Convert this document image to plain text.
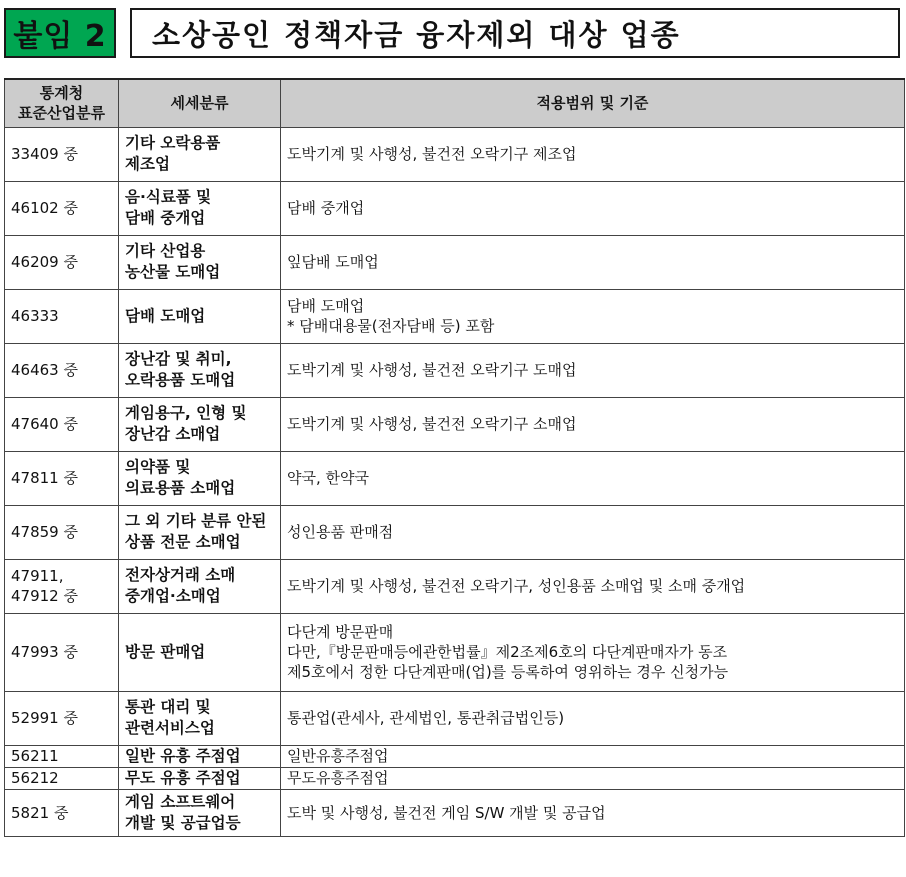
붙임 2	소상공인 정책자금 융자제외 대상 업종
통계청
표준산업분류	세세분류	적용범위 및 기준

33409 중	기타 오락용품
제조업	도박기계 및 사행성, 불건전 오락기구 제조업

46102 중	음·식료품 및
담배 중개업	담배 중개업

46209 중	기타 산업용
농산물 도매업	잎담배 도매업

46333	담배 도매업	담배 도매업
* 담배대용물(전자담배 등) 포함

46463 중	장난감 및 취미,
오락용품 도매업	도박기계 및 사행성, 불건전 오락기구 도매업

47640 중	게임용구, 인형 및
장난감 소매업	도박기계 및 사행성, 불건전 오락기구 소매업

47811 중	의약품 및
의료용품 소매업	약국, 한약국

47859 중	그 외 기타 분류 안된
상품 전문 소매업	성인용품 판매점

47911,
47912 중	전자상거래 소매
중개업·소매업	도박기계 및 사행성, 불건전 오락기구, 성인용품 소매업 및 소매 중개업

47993 중	방문 판매업	다단계 방문판매
다만,『방문판매등에관한법률』제2조제6호의 다단계판매자가 동조
제5호에서 정한 다단계판매(업)를 등록하여 영위하는 경우 신청가능

52991 중	통관 대리 및
관련서비스업	통관업(관세사, 관세법인, 통관취급법인등)

56211	일반 유흥 주점업	일반유흥주점업

56212	무도 유흥 주점업	무도유흥주점업

5821 중	게임 소프트웨어
개발 및 공급업등	도박 및 사행성, 불건전 게임 S/W 개발 및 공급업
